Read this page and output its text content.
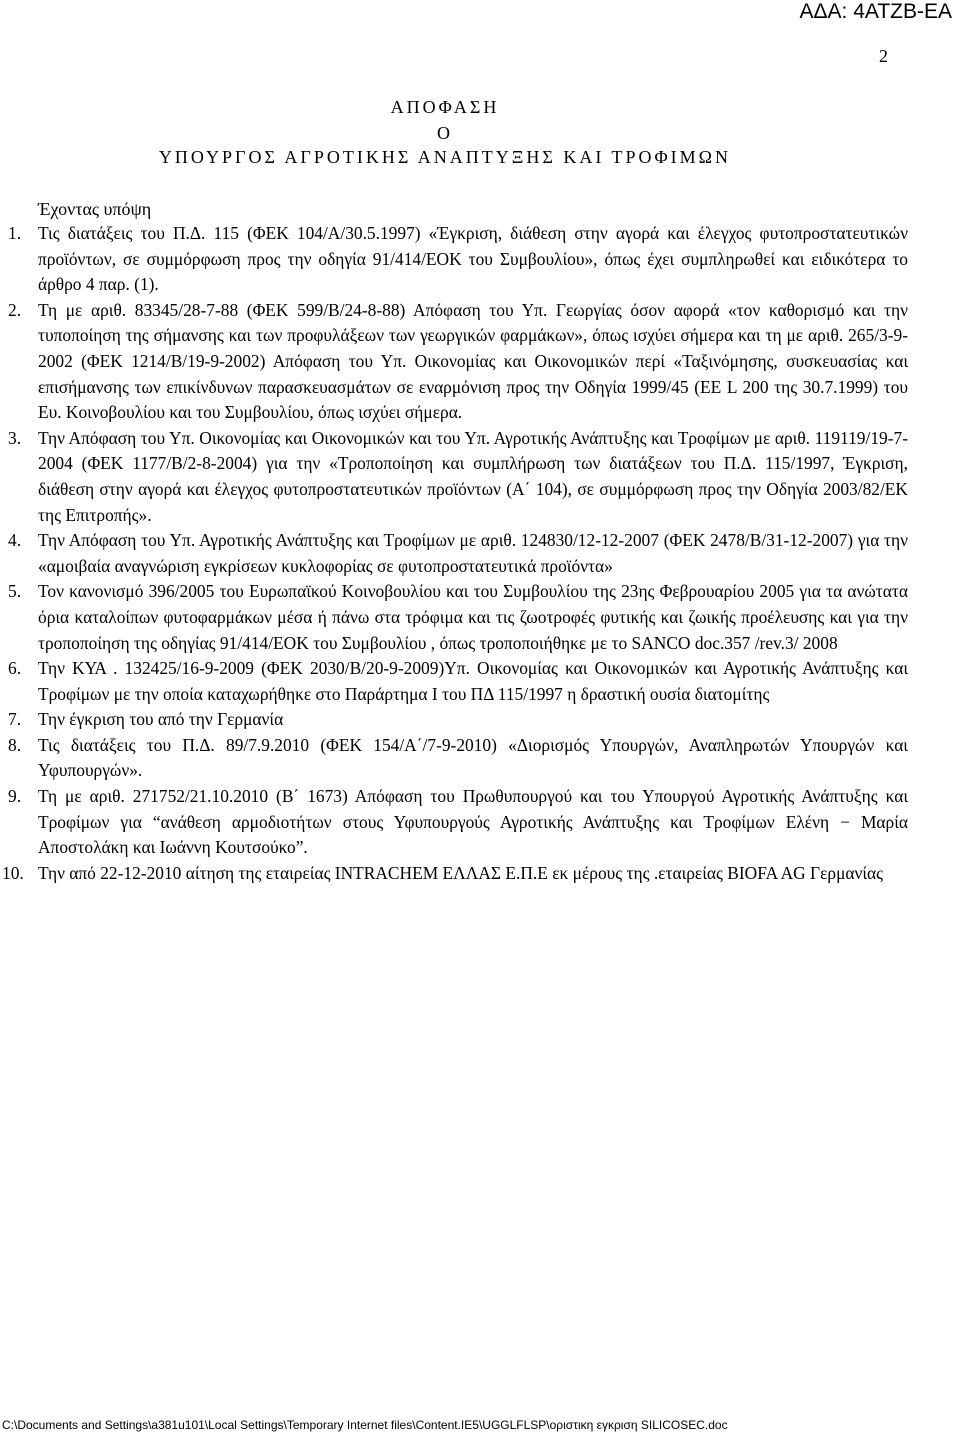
ΑΔΑ: 4ΑΤΖΒ-ΕΑ
2
ΑΠΟΦΑΣΗ
Ο
ΥΠΟΥΡΓΟΣ ΑΓΡΟΤΙΚΗΣ ΑΝΑΠΤΥΞΗΣ ΚΑΙ ΤΡΟΦΙΜΩΝ
Έχοντας υπόψη
1. Τις διατάξεις του Π.Δ. 115 (ΦΕΚ 104/Α/30.5.1997) «Έγκριση, διάθεση στην αγορά και έλεγχος φυτοπροστατευτικών προϊόντων, σε συμμόρφωση προς την οδηγία 91/414/ΕΟΚ του Συμβουλίου», όπως έχει συμπληρωθεί και ειδικότερα το άρθρο 4 παρ. (1).
2. Τη με αριθ. 83345/28-7-88 (ΦΕΚ 599/Β/24-8-88) Απόφαση του Υπ. Γεωργίας όσον αφορά «τον καθορισμό και την τυποποίηση της σήμανσης και των προφυλάξεων των γεωργικών φαρμάκων», όπως ισχύει σήμερα και τη με αριθ. 265/3-9-2002 (ΦΕΚ 1214/Β/19-9-2002) Απόφαση του Υπ. Οικονομίας και Οικονομικών περί «Ταξινόμησης, συσκευασίας και επισήμανσης των επικίνδυνων παρασκευασμάτων σε εναρμόνιση προς την Οδηγία 1999/45 (ΕΕ L 200 της 30.7.1999) του Ευ. Κοινοβουλίου και του Συμβουλίου, όπως ισχύει σήμερα.
3. Την Απόφαση του Υπ. Οικονομίας και Οικονομικών και του Υπ. Αγροτικής Ανάπτυξης και Τροφίμων με αριθ. 119119/19-7-2004 (ΦΕΚ 1177/Β/2-8-2004) για την «Τροποποίηση και συμπλήρωση των διατάξεων του Π.Δ. 115/1997, Έγκριση, διάθεση στην αγορά και έλεγχος φυτοπροστατευτικών προϊόντων (Α΄ 104), σε συμμόρφωση προς την Οδηγία 2003/82/ΕΚ της Επιτροπής».
4. Την Απόφαση του Υπ. Αγροτικής Ανάπτυξης και Τροφίμων με αριθ. 124830/12-12-2007 (ΦΕΚ 2478/Β/31-12-2007) για την «αμοιβαία αναγνώριση εγκρίσεων κυκλοφορίας σε φυτοπροστατευτικά προϊόντα»
5. Τον κανονισμό 396/2005 του Ευρωπαϊκού Κοινοβουλίου και του Συμβουλίου της 23ης Φεβρουαρίου 2005 για τα ανώτατα όρια καταλοίπων φυτοφαρμάκων μέσα ή πάνω στα τρόφιμα και τις ζωοτροφές φυτικής και ζωικής προέλευσης και για την τροποποίηση της οδηγίας 91/414/ΕΟΚ του Συμβουλίου , όπως τροποποιήθηκε με το SANCO doc.357 /rev.3/ 2008
6. Την ΚΥΑ . 132425/16-9-2009 (ΦΕΚ 2030/Β/20-9-2009)Υπ. Οικονομίας και Οικονομικών και Αγροτικής Ανάπτυξης και Τροφίμων με την οποία καταχωρήθηκε στο Παράρτημα Ι του ΠΔ 115/1997 η δραστική ουσία διατομίτης
7. Την έγκριση του από την Γερμανία
8. Τις διατάξεις του Π.Δ. 89/7.9.2010 (ΦΕΚ 154/Α΄/7-9-2010) «Διορισμός Υπουργών, Αναπληρωτών Υπουργών και Υφυπουργών».
9. Τη με αριθ. 271752/21.10.2010 (Β΄ 1673) Απόφαση του Πρωθυπουργού και του Υπουργού Αγροτικής Ανάπτυξης και Τροφίμων για “ανάθεση αρμοδιοτήτων στους Υφυπουργούς Αγροτικής Ανάπτυξης και Τροφίμων Ελένη − Μαρία Αποστολάκη και Ιωάννη Κουτσούκο”.
10. Την από 22-12-2010 αίτηση της εταιρείας INTRACHEM ΕΛΛΑΣ Ε.Π.Ε εκ μέρους της .εταιρείας BIOFA AG Γερμανίας
C:\Documents and Settings\a381u101\Local Settings\Temporary Internet files\Content.IE5\UGGLFLSP\οριστικη εγκριση SILICOSEC.doc
